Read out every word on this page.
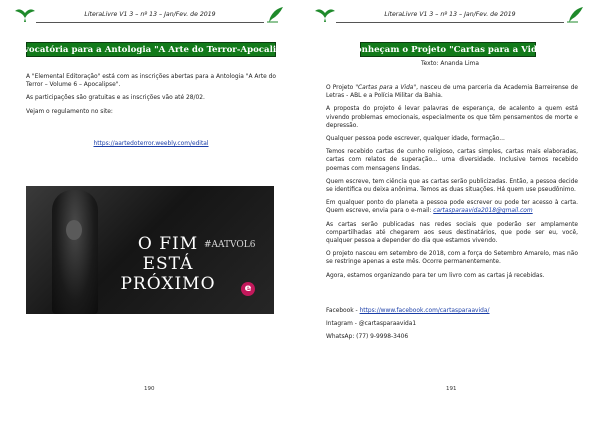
LiteraLivre V1 3 – nº 13 – Jan/Fev. de 2019
Convocatória para a Antologia "A Arte do Terror-Apocalipse"

A "Elemental Editoração" está com as inscrições abertas para a Antologia "A Arte do Terror – Volume 6 – Apocalipse".

As participações são gratuitas e as inscrições vão até 28/02.

Vejam o regulamento no site:

https://aartedoterror.weebly.com/edital
O FIM
ESTÁ
PRÓXIMO
#AATVOL6
e
190
LiteraLivre V1 3 – nº 13 – Jan/Fev. de 2019
Conheçam o Projeto "Cartas para a Vida"
Texto: Ananda Lima

O Projeto "Cartas para a Vida", nasceu de uma parceria da Academia Barreirense de Letras - ABL e a Polícia Militar da Bahia.

A proposta do projeto é levar palavras de esperança, de acalento a quem está vivendo problemas emocionais, especialmente os que têm pensamentos de morte e depressão.

Qualquer pessoa pode escrever, qualquer idade, formação...

Temos recebido cartas de cunho religioso, cartas simples, cartas mais elaboradas, cartas com relatos de superação... uma diversidade. Inclusive temos recebido poemas com mensagens lindas.

Quem escreve, tem ciência que as cartas serão publicizadas. Então, a pessoa decide se identifica ou deixa anônima. Temos as duas situações. Há quem use pseudônimo.

Em qualquer ponto do planeta a pessoa pode escrever ou pode ter acesso à carta. Quem escreve, envia para o e-mail: cartasparaavida2018@gmail.com

As cartas serão publicadas nas redes sociais que poderão ser amplamente compartilhadas até chegarem aos seus destinatários, que pode ser eu, você, qualquer pessoa a depender do dia que estamos vivendo.

O projeto nasceu em setembro de 2018, com a força do Setembro Amarelo, mas não se restringe apenas a este mês. Ocorre permanentemente.

Agora, estamos organizando para ter um livro com as cartas já recebidas.

Facebook - https://www.facebook.com/cartasparaavida/

Intagram - @cartasparaavida1

WhatsAp: (77) 9-9998-3406

191
